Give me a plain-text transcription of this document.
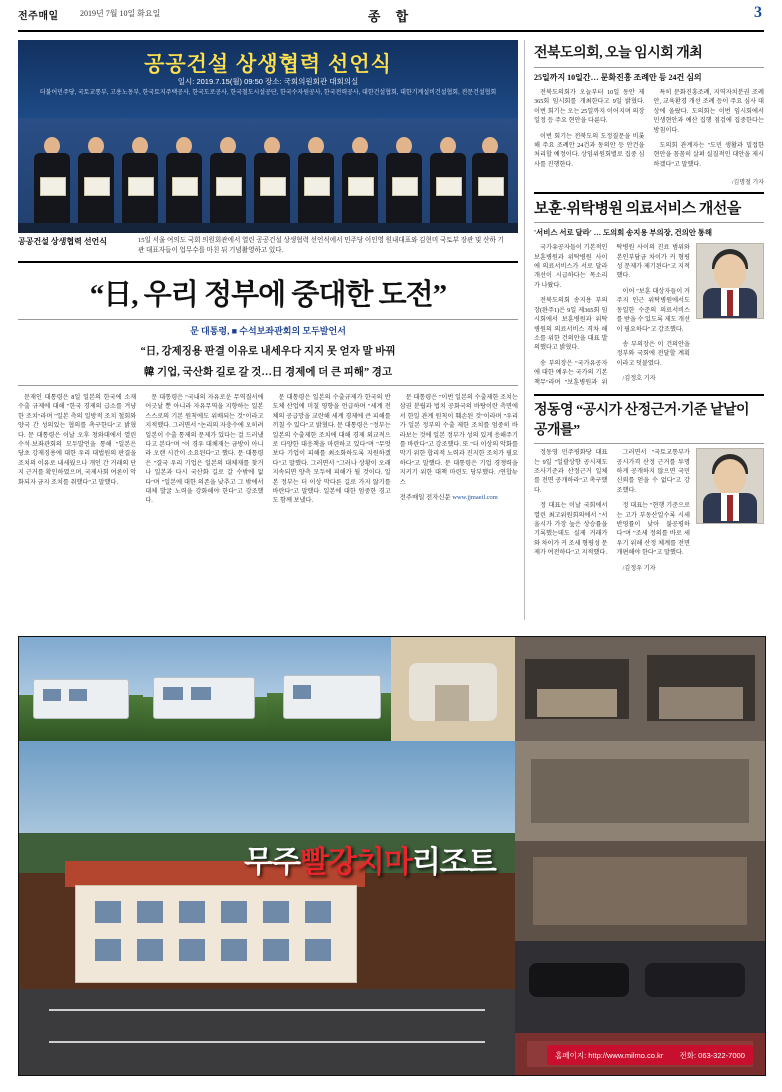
전주매일	2019년 7월 10일 화요일	종 합	3
공공건설 상생협력 선언식
일시: 2019.7.15(월) 09:50 장소: 국회의원회관 대회의실
더불어민주당, 국토교통부, 고용노동부, 한국토지주택공사, 한국도로공사, 한국철도시설공단, 한국수자원공사, 한국전력공사, 대한건설협회, 대한기계설비건설협회, 전문건설협회
공공건설 상생협력 선언식	15일 서울 여의도 국회 의원회관에서 열린 공공건설 상생협력 선언식에서 민주당 이인영 원내대표와 김현미 국토부 장관 및 산하 기관 대표자들이 업무수를 마친 뒤 기념촬영하고 있다.
“日, 우리 정부에 중대한 도전”
문 대통령, ■ 수석보좌관회의 모두발언서
“日, 강제징용 판결 이유로 내세우다 지지 못 얻자 말 바꿔
韓 기업, 국산화 길로 갈 것…日 경제에 더 큰 피해” 경고

문재인 대통령은 8일 일본의 한국에 소재 수출 규제에 대해 "한국 경제의 급소를 겨냥한 조치"라며 "일본 측의 일방적 조치 철회와 양국 간 성의있는 협의를 촉구한다"고 밝혔다. 문 대통령은 이날 오후 청와대에서 열린 수석·보좌관회의 모두발언을 통해 "일본은 당초 강제징용에 대한 우리 대법원의 판결을 조치의 이유로 내세웠으나 개인 간 거래의 단지 근거를 확인하였으며, 국제사회 여론이 악화되자 금지 조치를 취했다"고 말했다.

문 대통령은 "국내의 자유로운 무역질서에 어긋날 뿐 아니라 자유무역을 지향하는 일본 스스로의 기본 원칙에도 위배되는 것"이라고 지적했다. 그러면서 "논리의 자충수에 오히려 일본이 수출 통제의 문제가 있다는 걸 드러냈다고 본다"며 "이 경우 대체재는 금방이 아니라 오랜 시간이 소요된다"고 했다. 문 대통령은 "결국 우리 기업은 일본의 대체재를 찾거나 일본과 다시 국산화 길로 갈 수밖에 없다"며 "일본에 대한 의존을 낮추고 그 밖에서 대체 발굴 노력을 강화해야 한다"고 강조했다.

문 대통령은 일본의 수출규제가 한국의 반도체 산업에 미칠 영향을 언급하며 "세계 전체의 공급망을 교란해 세계 경제에 큰 피해를 끼칠 수 있다"고 밝혔다. 문 대통령은 "정부는 일본의 수출제한 조치에 대해 경제 외교적으로 다양한 대응책을 마련하고 있다"며 "무엇보다 기업이 피해를 최소화하도록 지원하겠다"고 말했다. 그러면서 "그러나 상황이 오래 지속되면 양측 모두에 피해가 될 것이다. 일본 정부는 더 이상 막다른 길로 가지 않기를 바란다"고 말했다. 일본에 대한 엄중한 경고도 함께 보냈다.

문 대통령은 "이번 일본의 수출제한 조치는 삼권 분립과 법치 공화국의 바탕이란 측면에서 한일 관계 원칙이 훼손된 것"이라며 "우리가 일본 정부의 수출 제한 조치를 엄중히 바라보는 것에 일본 정부가 성의 있게 응해주기를 바란다"고 강조했다. 또 "더 이상의 악화를 막기 위한 합리적 노력과 진지한 조치가 필요하다"고 말했다. 문 대통령은 기업 경쟁력을 지키기 위한 대책 마련도 당부했다. /연합뉴스

전주매일 전자신문 www.jjmaeil.com
전북도의회, 오늘 임시회 개최
25일까지 10일간… 문화진흥 조례안 등 24건 심의

전북도의회가 오늘부터 10일 동안 제365회 임시회를 개최한다고 9일 밝혔다. 이번 회기는 오는 25일까지 이어지며 의장 일정 등 주요 현안을 다룬다.

이번 회기는 전북도의 도정질문을 비롯해 주요 조례안 24건과 동의안 등 안건을 처리할 예정이다. 상임위원회별로 집중 심사를 진행한다.

특히 문화진흥조례, 지역자치분권 조례안, 교육환경 개선 조례 등이 주요 심사 대상에 올랐다. 도의회는 이번 임시회에서 민생현안과 예산 집행 점검에 집중한다는 방침이다.

도의회 관계자는 "도민 생활과 밀접한 현안을 꼼꼼히 살펴 실질적인 대안을 제시하겠다"고 말했다.

/김명철 기자
보훈·위탁병원 의료서비스 개선을
'서비스 서로 달라' … 도의회 송지용 부의장, 건의안 통해

국가유공자들이 기본적인 보훈병원과 위탁병원 사이에 의료서비스가 서로 달라 개선이 시급하다는 목소리가 나왔다.

전북도의회 송지용 부의장(완주1)은 9일 제365회 임시회에서 보훈병원과 위탁병원의 의료서비스 격차 해소를 위한 건의안을 대표 발의했다고 밝혔다.

송 부의장은 "국가유공자에 대한 예우는 국가의 기본 책무"라며 "보훈병원과 위탁병원 사이의 진료 범위와 본인부담금 차이가 커 형평성 문제가 제기된다"고 지적했다.

이어 "보훈 대상자들이 거주지 인근 위탁병원에서도 동일한 수준의 의료서비스를 받을 수 있도록 제도 개선이 필요하다"고 강조했다.

송 부의장은 이 건의안을 정부와 국회에 전달할 계획이라고 덧붙였다.

/김정호 기자

정동영 “공시가 산정근거·기준 낱낱이 공개를”

정동영 민주평화당 대표는 9일 "일괄상향 공시제도 조사기준과 산정근거 일체를 전면 공개하라"고 촉구했다.

정 대표는 이날 국회에서 열린 최고위원회의에서 "서울시가 가장 높은 상승률을 기록했는데도 실제 거래가와 차이가 커 조세 형평성 문제가 여전하다"고 지적했다.

그러면서 "국토교통부가 공시가격 산정 근거를 투명하게 공개하지 않으면 국민 신뢰를 얻을 수 없다"고 강조했다.

정 대표는 "현행 기준으로는 고가 부동산일수록 시세 반영률이 낮아 불공평하다"며 "조세 정의를 바로 세우기 위해 산정 체계를 전면 개편해야 한다"고 말했다.

/김정우 기자

무주빨강치마리조트
홈페이지: http://www.milmo.co.kr 전화: 063-322-7000
